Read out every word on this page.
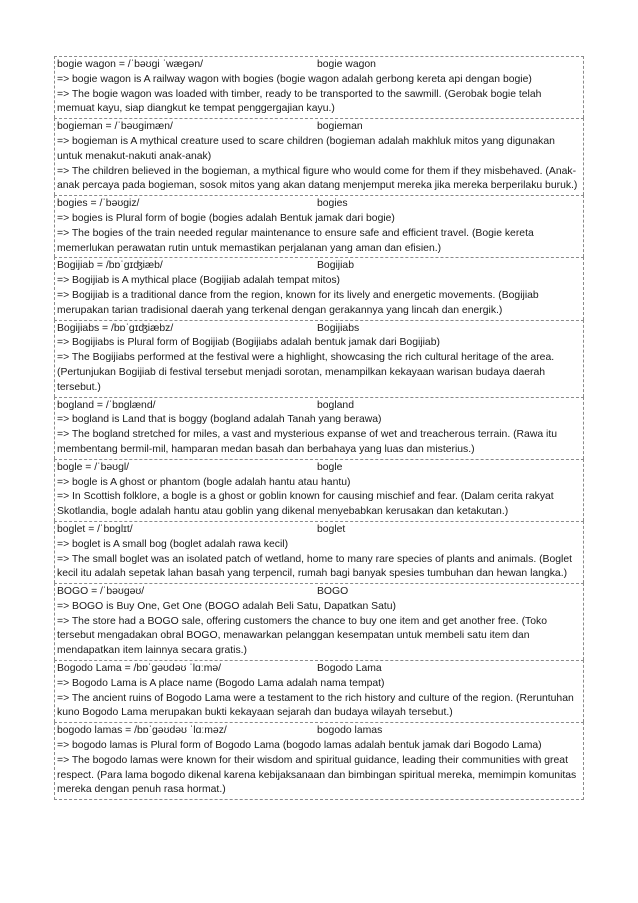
bogie wagon = /ˈbəʊgi ˈwægən/	bogie wagon
=> bogie wagon is A railway wagon with bogies (bogie wagon adalah gerbong kereta api dengan bogie)
=> The bogie wagon was loaded with timber, ready to be transported to the sawmill. (Gerobak bogie telah memuat kayu, siap diangkut ke tempat penggergajian kayu.)
bogieman = /ˈbəʊgimæn/	bogieman
=> bogieman is A mythical creature used to scare children (bogieman adalah makhluk mitos yang digunakan untuk menakut-nakuti anak-anak)
=> The children believed in the bogieman, a mythical figure who would come for them if they misbehaved. (Anak-anak percaya pada bogieman, sosok mitos yang akan datang menjemput mereka jika mereka berperilaku buruk.)
bogies = /ˈbəʊgiz/	bogies
=> bogies is Plural form of bogie (bogies adalah Bentuk jamak dari bogie)
=> The bogies of the train needed regular maintenance to ensure safe and efficient travel. (Bogie kereta memerlukan perawatan rutin untuk memastikan perjalanan yang aman dan efisien.)
Bogijiab = /bɒˈgɪʤiæb/	Bogijiab
=> Bogijiab is A mythical place (Bogijiab adalah tempat mitos)
=> Bogijiab is a traditional dance from the region, known for its lively and energetic movements. (Bogijiab merupakan tarian tradisional daerah yang terkenal dengan gerakannya yang lincah dan energik.)
Bogijiabs = /bɒˈgɪʤiæbz/	Bogijiabs
=> Bogijiabs is Plural form of Bogijiab (Bogijiabs adalah bentuk jamak dari Bogijiab)
=> The Bogijiabs performed at the festival were a highlight, showcasing the rich cultural heritage of the area. (Pertunjukan Bogijiab di festival tersebut menjadi sorotan, menampilkan kekayaan warisan budaya daerah tersebut.)
bogland = /ˈbɒglænd/	bogland
=> bogland is Land that is boggy (bogland adalah Tanah yang berawa)
=> The bogland stretched for miles, a vast and mysterious expanse of wet and treacherous terrain. (Rawa itu membentang bermil-mil, hamparan medan basah dan berbahaya yang luas dan misterius.)
bogle = /ˈbəʊgl/	bogle
=> bogle is A ghost or phantom (bogle adalah hantu atau hantu)
=> In Scottish folklore, a bogle is a ghost or goblin known for causing mischief and fear. (Dalam cerita rakyat Skotlandia, bogle adalah hantu atau goblin yang dikenal menyebabkan kerusakan dan ketakutan.)
boglet = /ˈbɒglɪt/	boglet
=> boglet is A small bog (boglet adalah rawa kecil)
=> The small boglet was an isolated patch of wetland, home to many rare species of plants and animals. (Boglet kecil itu adalah sepetak lahan basah yang terpencil, rumah bagi banyak spesies tumbuhan dan hewan langka.)
BOGO = /ˈbəʊgəʊ/	BOGO
=> BOGO is Buy One, Get One (BOGO adalah Beli Satu, Dapatkan Satu)
=> The store had a BOGO sale, offering customers the chance to buy one item and get another free. (Toko tersebut mengadakan obral BOGO, menawarkan pelanggan kesempatan untuk membeli satu item dan mendapatkan item lainnya secara gratis.)
Bogodo Lama = /bɒˈgəʊdəʊ ˈlɑːmə/	Bogodo Lama
=> Bogodo Lama is A place name (Bogodo Lama adalah nama tempat)
=> The ancient ruins of Bogodo Lama were a testament to the rich history and culture of the region. (Reruntuhan kuno Bogodo Lama merupakan bukti kekayaan sejarah dan budaya wilayah tersebut.)
bogodo lamas = /bɒˈgəʊdəʊ ˈlɑːməz/	bogodo lamas
=> bogodo lamas is Plural form of Bogodo Lama (bogodo lamas adalah bentuk jamak dari Bogodo Lama)
=> The bogodo lamas were known for their wisdom and spiritual guidance, leading their communities with great respect. (Para lama bogodo dikenal karena kebijaksanaan dan bimbingan spiritual mereka, memimpin komunitas mereka dengan penuh rasa hormat.)
